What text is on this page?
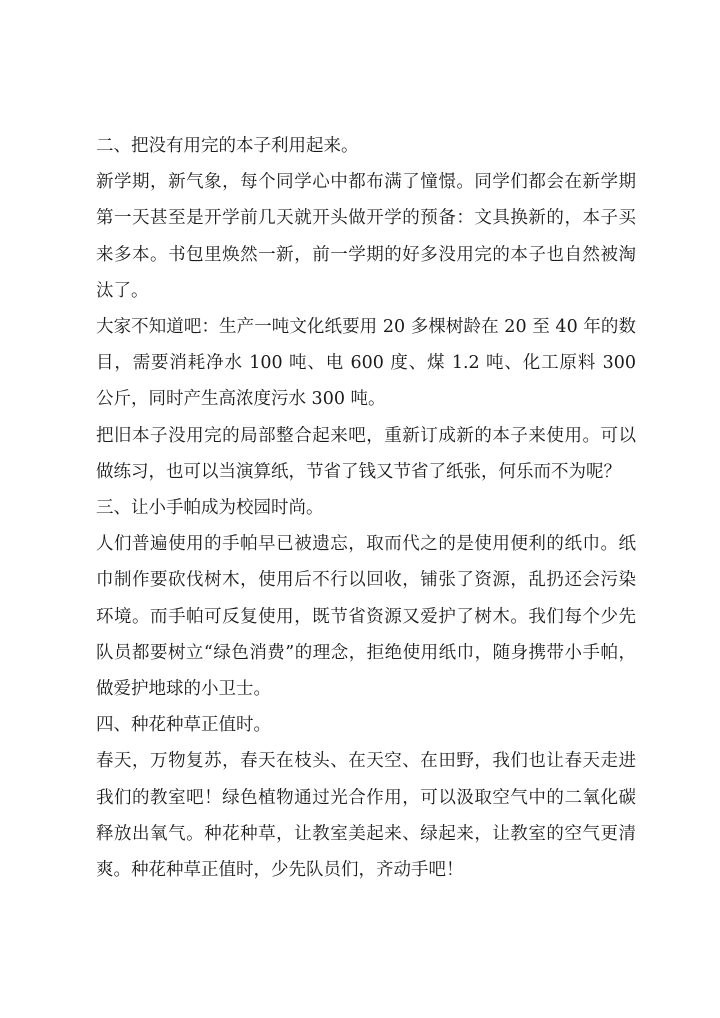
二、把没有用完的本子利用起来。

新学期，新气象，每个同学心中都布满了憧憬。同学们都会在新学期第一天甚至是开学前几天就开头做开学的预备：文具换新的，本子买来多本。书包里焕然一新，前一学期的好多没用完的本子也自然被淘汰了。

大家不知道吧：生产一吨文化纸要用 20 多棵树龄在 20 至 40 年的数目，需要消耗净水 100 吨、电 600 度、煤 1.2 吨、化工原料 300 公斤，同时产生高浓度污水 300 吨。

把旧本子没用完的局部整合起来吧，重新订成新的本子来使用。可以做练习，也可以当演算纸，节省了钱又节省了纸张，何乐而不为呢？

三、让小手帕成为校园时尚。

人们普遍使用的手帕早已被遗忘，取而代之的是使用便利的纸巾。纸巾制作要砍伐树木，使用后不行以回收，铺张了资源，乱扔还会污染环境。而手帕可反复使用，既节省资源又爱护了树木。我们每个少先队员都要树立“绿色消费”的理念，拒绝使用纸巾，随身携带小手帕，做爱护地球的小卫士。

四、种花种草正值时。

春天，万物复苏，春天在枝头、在天空、在田野，我们也让春天走进我们的教室吧！绿色植物通过光合作用，可以汲取空气中的二氧化碳释放出氧气。种花种草，让教室美起来、绿起来，让教室的空气更清爽。种花种草正值时，少先队员们，齐动手吧！
